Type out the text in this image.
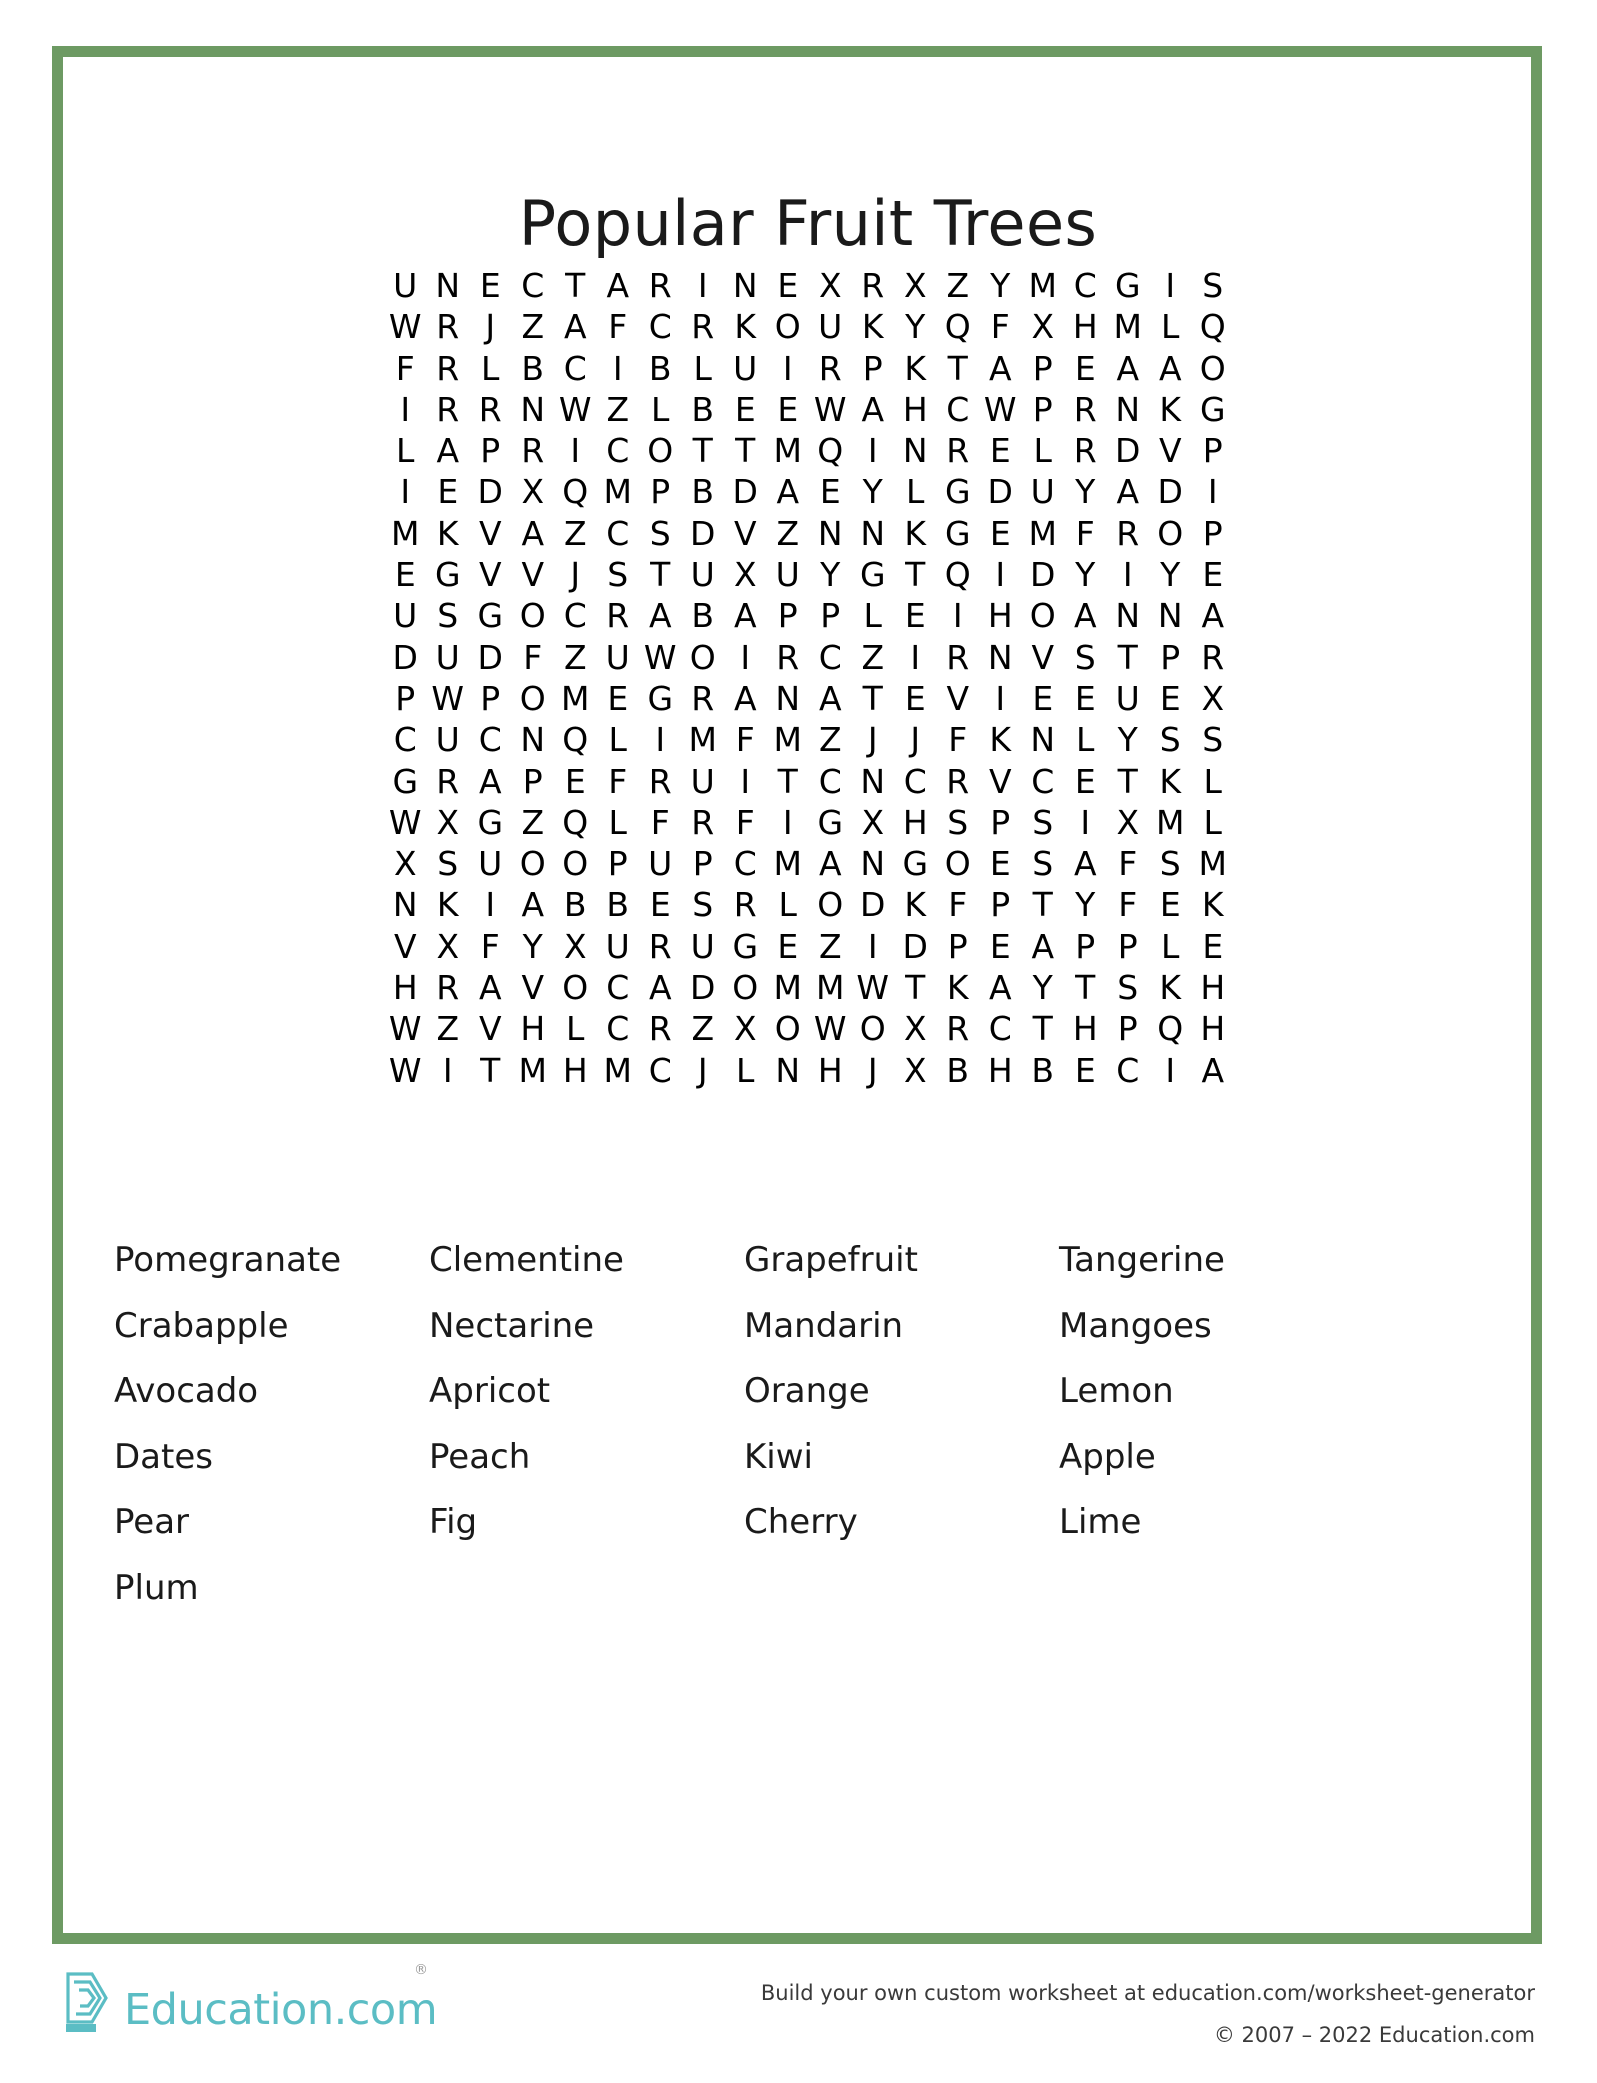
Popular Fruit Trees
U N E C T A R I N E X R X Z Y M C G I S
W R J Z A F C R K O U K Y Q F X H M L Q
F R L B C I B L U I R P K T A P E A A O
I R R N W Z L B E E W A H C W P R N K G
L A P R I C O T T M Q I N R E L R D V P
I E D X Q M P B D A E Y L G D U Y A D I
M K V A Z C S D V Z N N K G E M F R O P
E G V V J S T U X U Y G T Q I D Y I Y E
U S G O C R A B A P P L E I H O A N N A
D U D F Z U W O I R C Z I R N V S T P R
P W P O M E G R A N A T E V I E E U E X
C U C N Q L I M F M Z J J F K N L Y S S
G R A P E F R U I T C N C R V C E T K L
W X G Z Q L F R F I G X H S P S I X M L
X S U O O P U P C M A N G O E S A F S M
N K I A B B E S R L O D K F P T Y F E K
V X F Y X U R U G E Z I D P E A P P L E
H R A V O C A D O M M W T K A Y T S K H
W Z V H L C R Z X O W O X R C T H P Q H
W I T M H M C J L N H J X B H B E C I A
Pomegranate
Crabapple
Avocado
Dates
Pear
Plum
Clementine
Nectarine
Apricot
Peach
Fig
Grapefruit
Mandarin
Orange
Kiwi
Cherry
Tangerine
Mangoes
Lemon
Apple
Lime
Education.com
®
Build your own custom worksheet at education.com/worksheet-generator
© 2007 – 2022 Education.com
